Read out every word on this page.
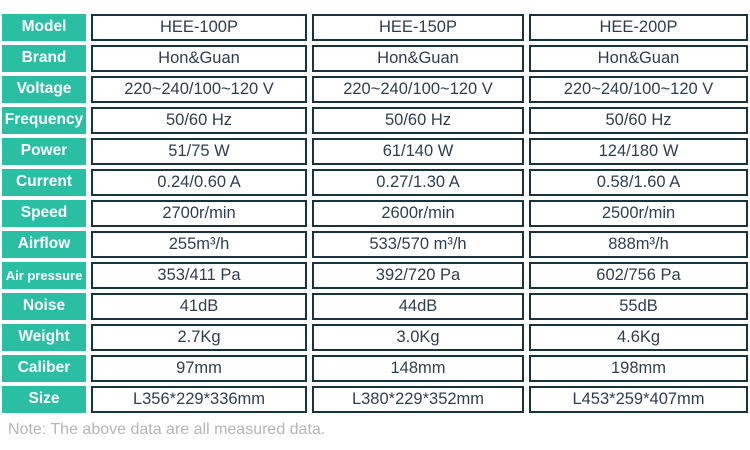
Model	HEE-100P	HEE-150P	HEE-200P
Brand	Hon&Guan	Hon&Guan	Hon&Guan
Voltage	220~240/100~120 V	220~240/100~120 V	220~240/100~120 V
Frequency	50/60 Hz	50/60 Hz	50/60 Hz
Power	51/75 W	61/140 W	124/180 W
Current	0.24/0.60 A	0.27/1.30 A	0.58/1.60 A
Speed	2700r/min	2600r/min	2500r/min
Airflow	255m³/h	533/570 m³/h	888m³/h
Air pressure	353/411 Pa	392/720 Pa	602/756 Pa
Noise	41dB	44dB	55dB
Weight	2.7Kg	3.0Kg	4.6Kg
Caliber	97mm	148mm	198mm
Size	L356*229*336mm	L380*229*352mm	L453*259*407mm
Note: The above data are all measured data.
